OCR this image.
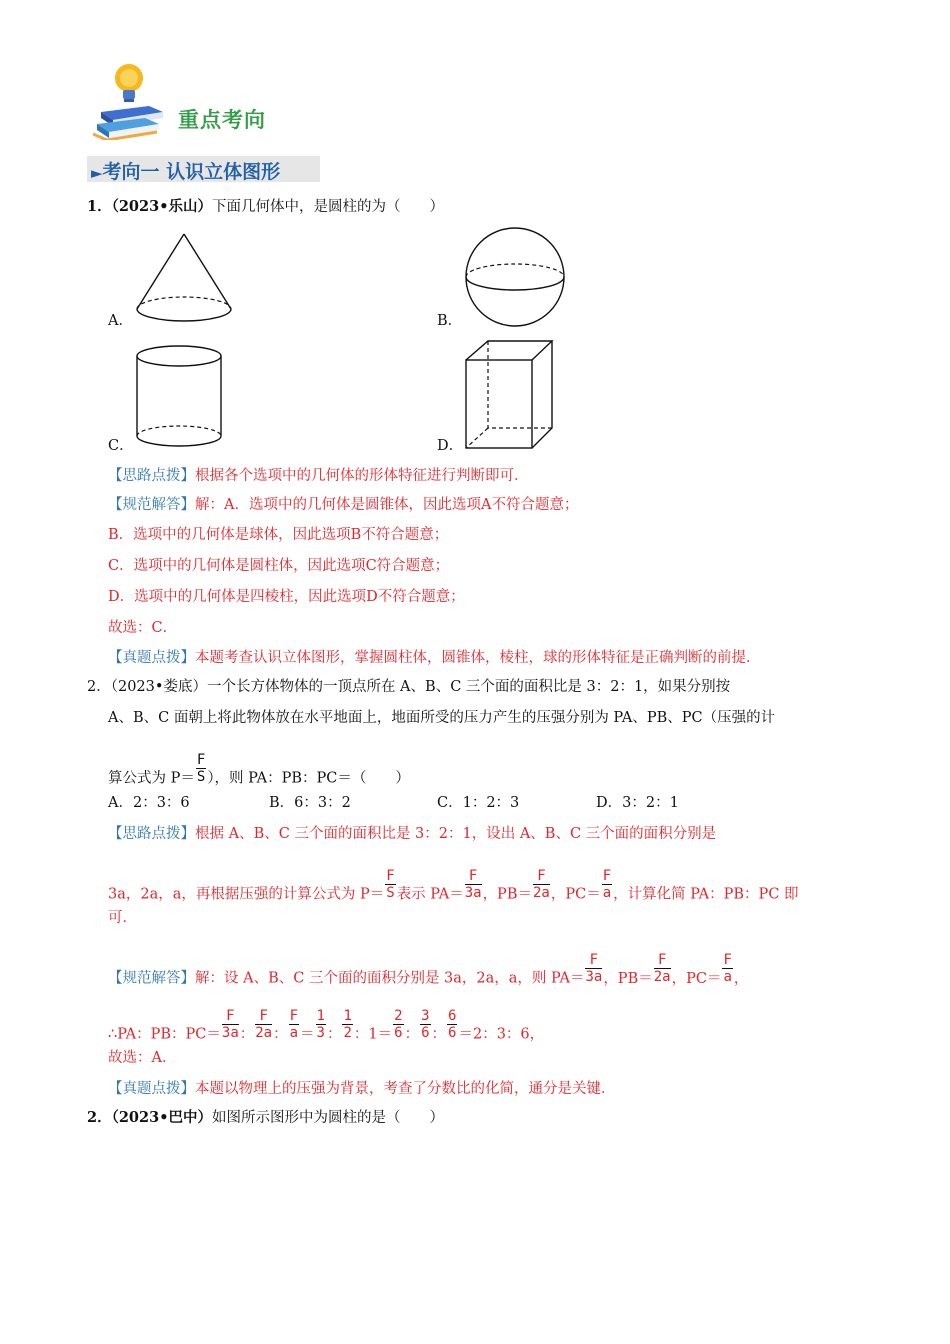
重点考向
►考向一 认识立体图形
1．（2023•乐山）下面几何体中，是圆柱的为（　　）
A．	B．
C．	D．
【思路点拨】根据各个选项中的几何体的形体特征进行判断即可．
【规范解答】解：A．选项中的几何体是圆锥体，因此选项A不符合题意；
B．选项中的几何体是球体，因此选项B不符合题意；
C．选项中的几何体是圆柱体，因此选项C符合题意；
D．选项中的几何体是四棱柱，因此选项D不符合题意；
故选：C．
【真题点拨】本题考查认识立体图形，掌握圆柱体，圆锥体，棱柱，球的形体特征是正确判断的前提．
2．（2023•娄底）一个长方体物体的一顶点所在 A、B、C 三个面的面积比是 3：2：1，如果分别按
A、B、C 面朝上将此物体放在水平地面上，地面所受的压力产生的压强分别为 PA、PB、PC（压强的计
算公式为 $P= \frac{F}{S}$ ），则 PA：PB：PC＝（　　）
A．2：3：6	B．6：3：2	C．1：2：3	D．3：2：1
【思路点拨】根据 A、B、C 三个面的面积比是 3：2：1，设出 A、B、C 三个面的面积分别是
3a，2a，a，再根据压强的计算公式为 $P= \frac{F}{S}$ 表示 $PA= \frac{F}{3a}$ ，$PB= \frac{F}{2a}$ ，$PC= \frac{F}{a}$ ，计算化简 PA：PB：PC 即
可．
【规范解答】解：设 A、B、C 三个面的面积分别是 3a，2a，a，则 $PA= \frac{F}{3a}$ ，$PB= \frac{F}{2a}$ ，$PC= \frac{F}{a}$ ，
∴PA：PB：$PC= \frac{F}{3a}$ ： $\frac{F}{2a}$ ： $\frac{F}{a} = \frac{1}{3}$ ： $\frac{1}{2}$ ：$1= \frac{2}{6}$ ： $\frac{3}{6}$ ： $\frac{6}{6} =2$：3：6，
故选：A．
【真题点拨】本题以物理上的压强为背景，考查了分数比的化简，通分是关键．
2．（2023•巴中）如图所示图形中为圆柱的是（　　）
